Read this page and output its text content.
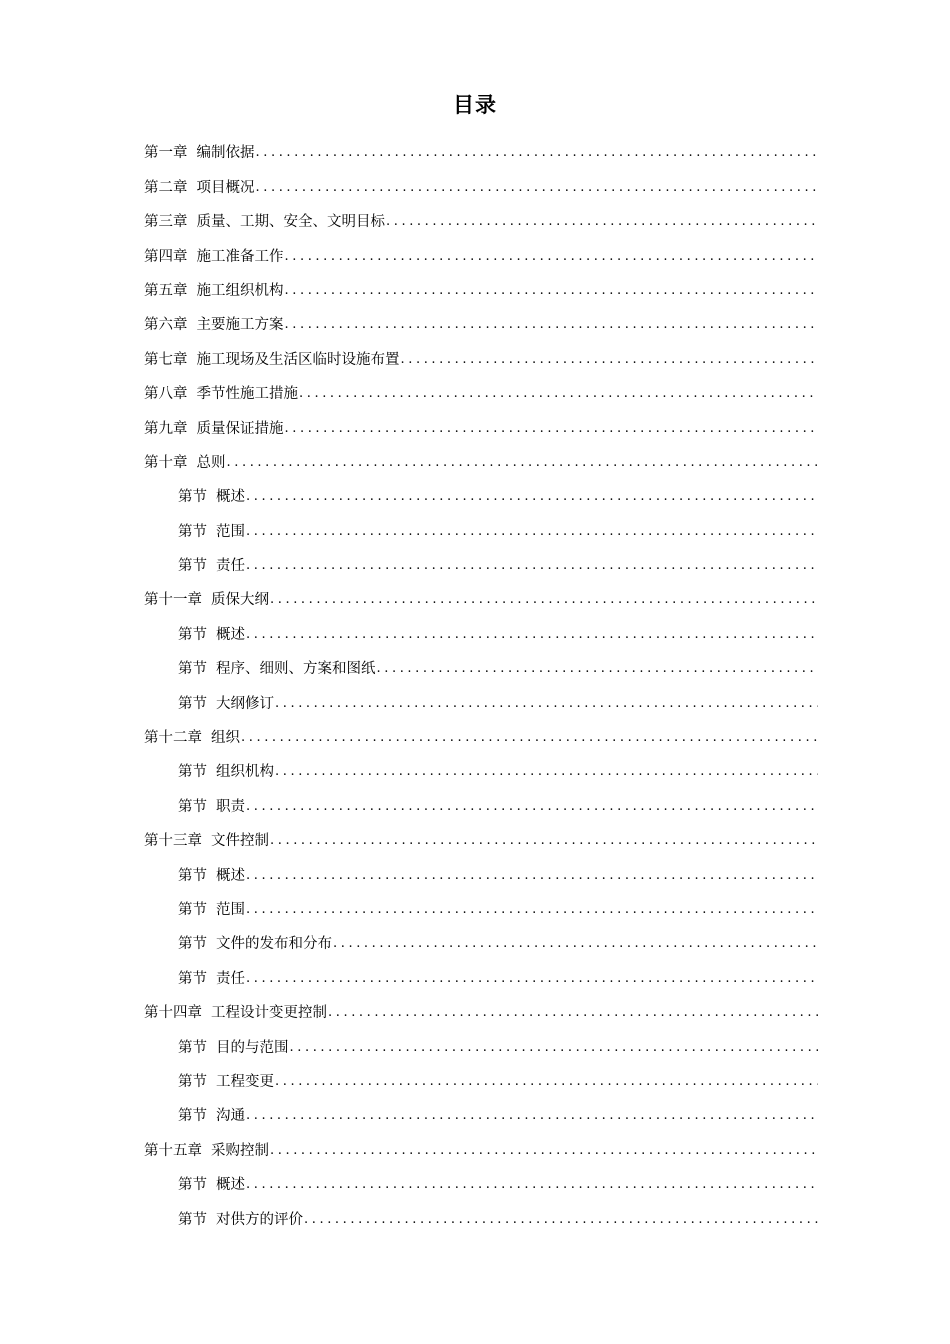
目录
第一章 编制依据
.....
第二章 项目概况
.....
第三章 质量、工期、安全、文明目标
.....
第四章 施工准备工作
.....
第五章 施工组织机构
.....
第六章 主要施工方案
.....
第七章 施工现场及生活区临时设施布置
.....
第八章 季节性施工措施
.....
第九章 质量保证措施
.....
第十章 总则
.....
第节 概述
.....
第节 范围
.....
第节 责任
.....
第十一章 质保大纲
.....
第节 概述
.....
第节 程序、细则、方案和图纸
.....
第节 大纲修订
.....
第十二章 组织
.....
第节 组织机构
.....
第节 职责
.....
第十三章 文件控制
.....
第节 概述
.....
第节 范围
.....
第节 文件的发布和分布
.....
第节 责任
.....
第十四章 工程设计变更控制
.....
第节 目的与范围
.....
第节 工程变更
.....
第节 沟通
.....
第十五章 采购控制
.....
第节 概述
.....
第节 对供方的评价
.....
